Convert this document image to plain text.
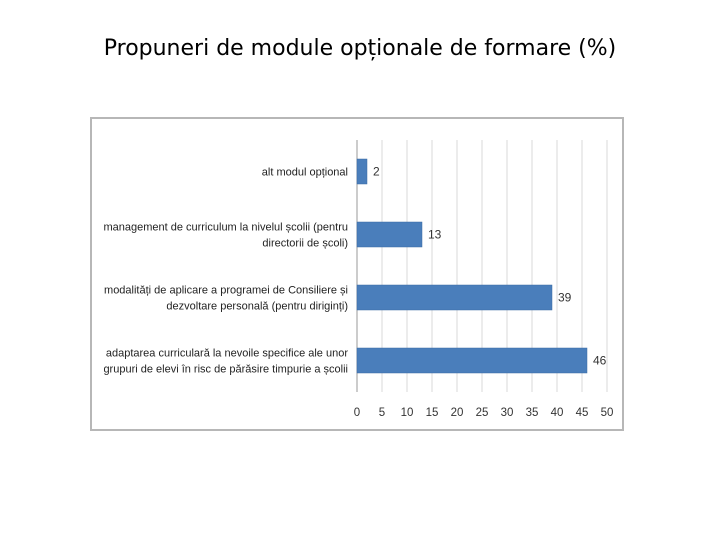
Propuneri de module opționale de formare (%)
0 5 10 15 20 25 30 35 40 45 50
2
alt modul opțional
13
management de curriculum la nivelul școlii (pentru
directorii de școli)
39
modalități de aplicare a programei de Consiliere și
dezvoltare personală (pentru diriginți)
46
adaptarea curriculară la nevoile specifice ale unor
grupuri de elevi în risc de părăsire timpurie a școlii
